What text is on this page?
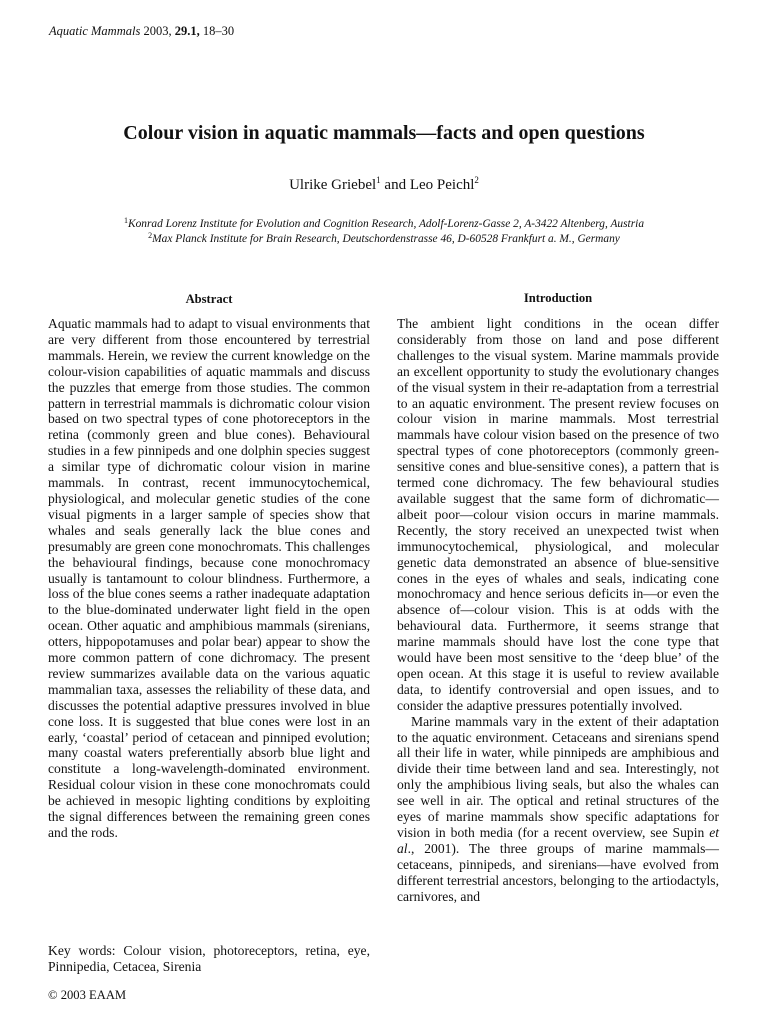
Aquatic Mammals 2003, 29.1, 18–30
Colour vision in aquatic mammals—facts and open questions
Ulrike Griebel$^1$ and Leo Peichl$^2$
$^1$Konrad Lorenz Institute for Evolution and Cognition Research, Adolf-Lorenz-Gasse 2, A-3422 Altenberg, Austria
$^2$Max Planck Institute for Brain Research, Deutschordenstrasse 46, D-60528 Frankfurt a. M., Germany
Abstract

Aquatic mammals had to adapt to visual environments that are very different from those encountered by terrestrial mammals. Herein, we review the current knowledge on the colour-vision capabilities of aquatic mammals and discuss the puzzles that emerge from those studies. The common pattern in terrestrial mammals is dichromatic colour vision based on two spectral types of cone photoreceptors in the retina (commonly green and blue cones). Behavioural studies in a few pinnipeds and one dolphin species suggest a similar type of dichromatic colour vision in marine mammals. In contrast, recent immunocytochemical, physiological, and molecular genetic studies of the cone visual pigments in a larger sample of species show that whales and seals generally lack the blue cones and presumably are green cone monochromats. This challenges the behavioural findings, because cone monochromacy usually is tantamount to colour blindness. Furthermore, a loss of the blue cones seems a rather inadequate adaptation to the blue-dominated underwater light field in the open ocean. Other aquatic and amphibious mammals (sirenians, otters, hippopotamuses and polar bear) appear to show the more common pattern of cone dichromacy. The present review summarizes available data on the various aquatic mammalian taxa, assesses the reliability of these data, and discusses the potential adaptive pressures involved in blue cone loss. It is suggested that blue cones were lost in an early, ‘coastal’ period of cetacean and pinniped evolution; many coastal waters preferentially absorb blue light and constitute a long-wavelength-dominated environment. Residual colour vision in these cone monochromats could be achieved in mesopic lighting conditions by exploiting the signal differences between the remaining green cones and the rods.

Key words: Colour vision, photoreceptors, retina, eye, Pinnipedia, Cetacea, Sirenia
© 2003 EAAM
Introduction

The ambient light conditions in the ocean differ considerably from those on land and pose different challenges to the visual system. Marine mammals provide an excellent opportunity to study the evolutionary changes of the visual system in their re-adaptation from a terrestrial to an aquatic environment. The present review focuses on colour vision in marine mammals. Most terrestrial mammals have colour vision based on the presence of two spectral types of cone photoreceptors (commonly green-sensitive cones and blue-sensitive cones), a pattern that is termed cone dichromacy. The few behavioural studies available suggest that the same form of dichromatic—albeit poor—colour vision occurs in marine mammals. Recently, the story received an unexpected twist when immunocytochemical, physiological, and molecular genetic data demonstrated an absence of blue-sensitive cones in the eyes of whales and seals, indicating cone monochromacy and hence serious deficits in—or even the absence of—colour vision. This is at odds with the behavioural data. Furthermore, it seems strange that marine mammals should have lost the cone type that would have been most sensitive to the ‘deep blue’ of the open ocean. At this stage it is useful to review available data, to identify controversial and open issues, and to consider the adaptive pressures potentially involved.

Marine mammals vary in the extent of their adaptation to the aquatic environment. Cetaceans and sirenians spend all their life in water, while pinnipeds are amphibious and divide their time between land and sea. Interestingly, not only the amphibious living seals, but also the whales can see well in air. The optical and retinal structures of the eyes of marine mammals show specific adaptations for vision in both media (for a recent overview, see Supin et al., 2001). The three groups of marine mammals—cetaceans, pinnipeds, and sirenians—have evolved from different terrestrial ancestors, belonging to the artiodactyls, carnivores, and
